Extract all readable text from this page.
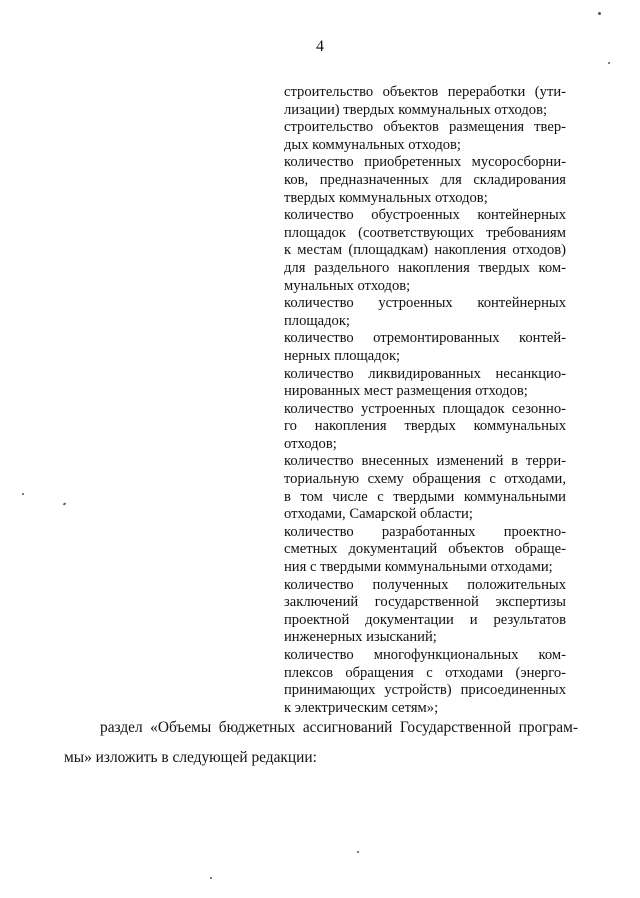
4
строительство объектов переработки (ути-
лизации) твердых коммунальных отходов;
строительство объектов размещения твер-
дых коммунальных отходов;
количество приобретенных мусоросборни-
ков, предназначенных для складирования
твердых коммунальных отходов;
количество обустроенных контейнерных
площадок (соответствующих требованиям
к местам (площадкам) накопления отходов)
для раздельного накопления твердых ком-
мунальных отходов;
количество устроенных контейнерных
площадок;
количество отремонтированных контей-
нерных площадок;
количество ликвидированных несанкцио-
нированных мест размещения отходов;
количество устроенных площадок сезонно-
го накопления твердых коммунальных
отходов;
количество внесенных изменений в терри-
ториальную схему обращения с отходами,
в том числе с твердыми коммунальными
отходами, Самарской области;
количество разработанных проектно-
сметных документаций объектов обраще-
ния с твердыми коммунальными отходами;
количество полученных положительных
заключений государственной экспертизы
проектной документации и результатов
инженерных изысканий;
количество многофункциональных ком-
плексов обращения с отходами (энерго-
принимающих устройств) присоединенных
к электрическим сетям»;
раздел «Объемы бюджетных ассигнований Государственной програм-
мы» изложить в следующей редакции:
